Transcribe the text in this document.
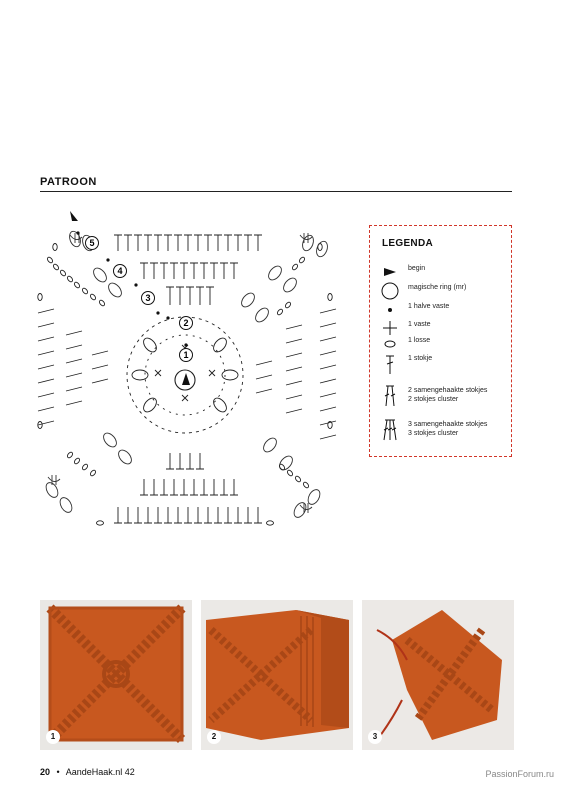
PATROON
5
4
3
2
1
LEGENDA
begin
magische ring (mr)
1 halve vaste
1 vaste
1 losse
1 stokje
2 samengehaakte stokjes
2 stokjes cluster
3 samengehaakte stokjes
3 stokjes cluster
1	2	3
20 • AandeHaak.nl 42	PassionForum.ru
